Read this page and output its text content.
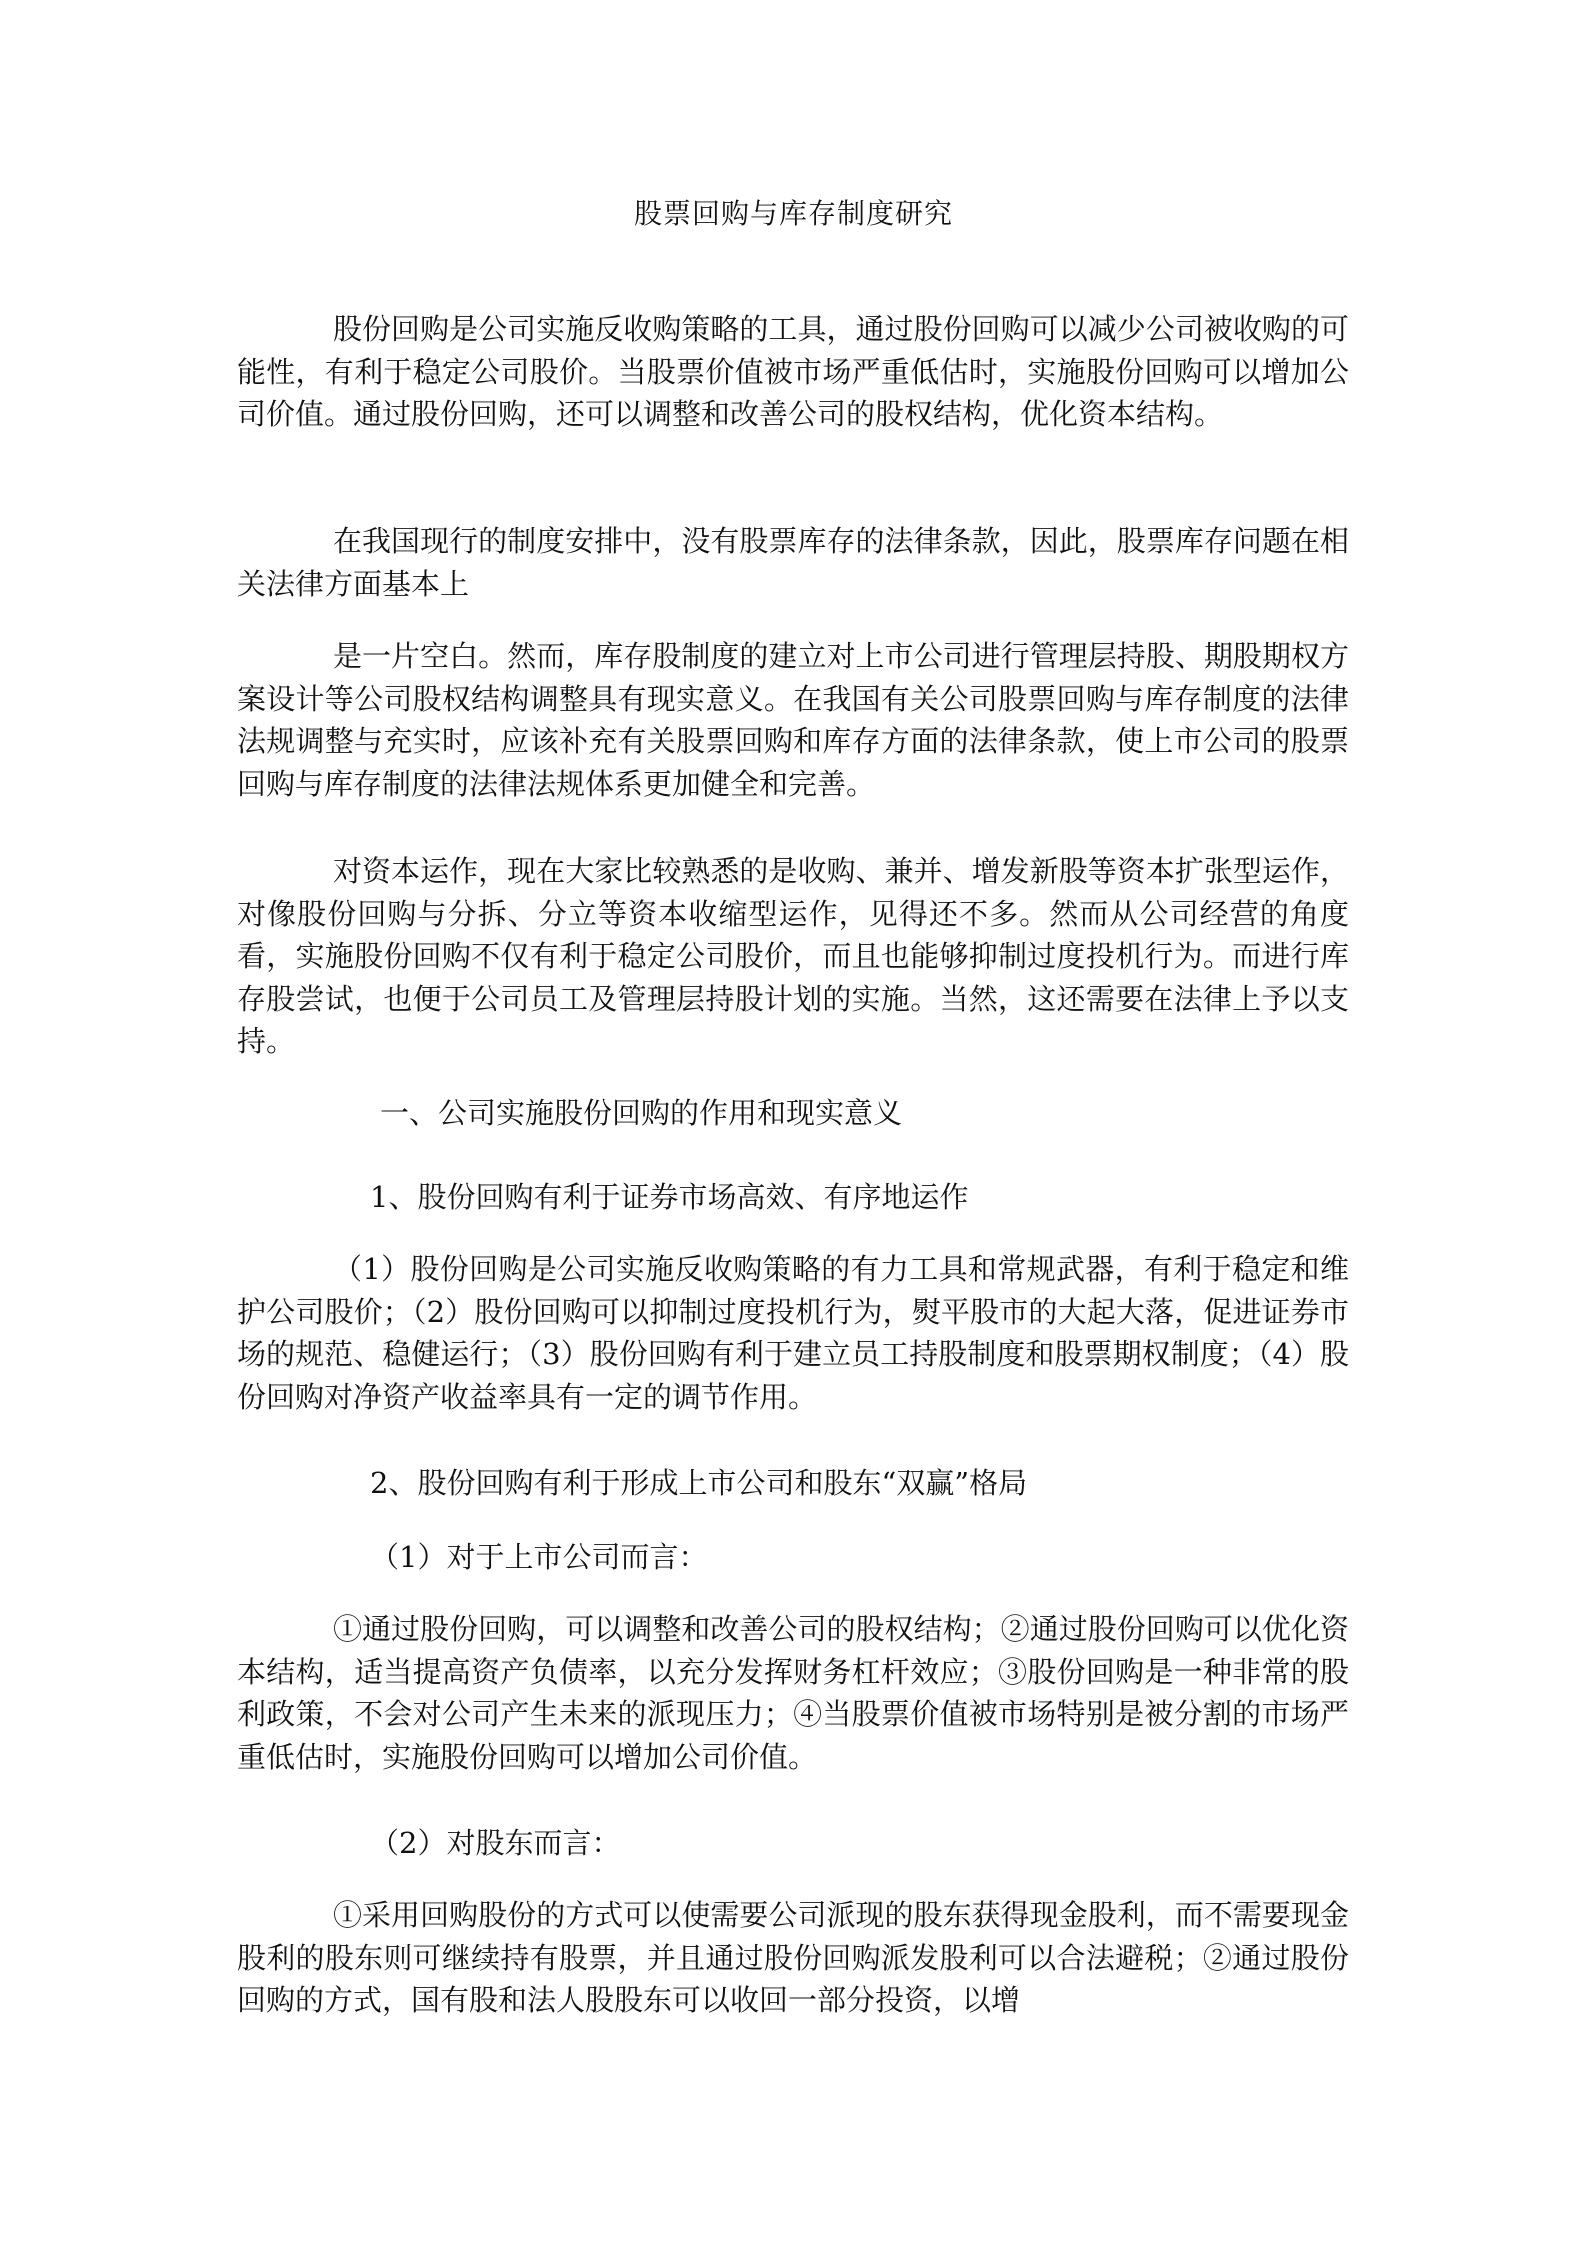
股票回购与库存制度研究

股份回购是公司实施反收购策略的工具，通过股份回购可以减少公司被收购的可能性，有利于稳定公司股价。当股票价值被市场严重低估时，实施股份回购可以增加公司价值。通过股份回购，还可以调整和改善公司的股权结构，优化资本结构。

在我国现行的制度安排中，没有股票库存的法律条款，因此，股票库存问题在相关法律方面基本上

是一片空白。然而，库存股制度的建立对上市公司进行管理层持股、期股期权方案设计等公司股权结构调整具有现实意义。在我国有关公司股票回购与库存制度的法律法规调整与充实时，应该补充有关股票回购和库存方面的法律条款，使上市公司的股票回购与库存制度的法律法规体系更加健全和完善。

对资本运作，现在大家比较熟悉的是收购、兼并、增发新股等资本扩张型运作，对像股份回购与分拆、分立等资本收缩型运作，见得还不多。然而从公司经营的角度看，实施股份回购不仅有利于稳定公司股价，而且也能够抑制过度投机行为。而进行库存股尝试，也便于公司员工及管理层持股计划的实施。当然，这还需要在法律上予以支持。

一、公司实施股份回购的作用和现实意义
1、股份回购有利于证券市场高效、有序地运作

（1）股份回购是公司实施反收购策略的有力工具和常规武器，有利于稳定和维护公司股价；（2）股份回购可以抑制过度投机行为，熨平股市的大起大落，促进证券市场的规范、稳健运行；（3）股份回购有利于建立员工持股制度和股票期权制度；（4）股份回购对净资产收益率具有一定的调节作用。

2、股份回购有利于形成上市公司和股东“双赢”格局
（1）对于上市公司而言：

①通过股份回购，可以调整和改善公司的股权结构；②通过股份回购可以优化资本结构，适当提高资产负债率，以充分发挥财务杠杆效应；③股份回购是一种非常的股利政策，不会对公司产生未来的派现压力；④当股票价值被市场特别是被分割的市场严重低估时，实施股份回购可以增加公司价值。

（2）对股东而言：

①采用回购股份的方式可以使需要公司派现的股东获得现金股利，而不需要现金股利的股东则可继续持有股票，并且通过股份回购派发股利可以合法避税；②通过股份回购的方式，国有股和法人股股东可以收回一部分投资，以增
